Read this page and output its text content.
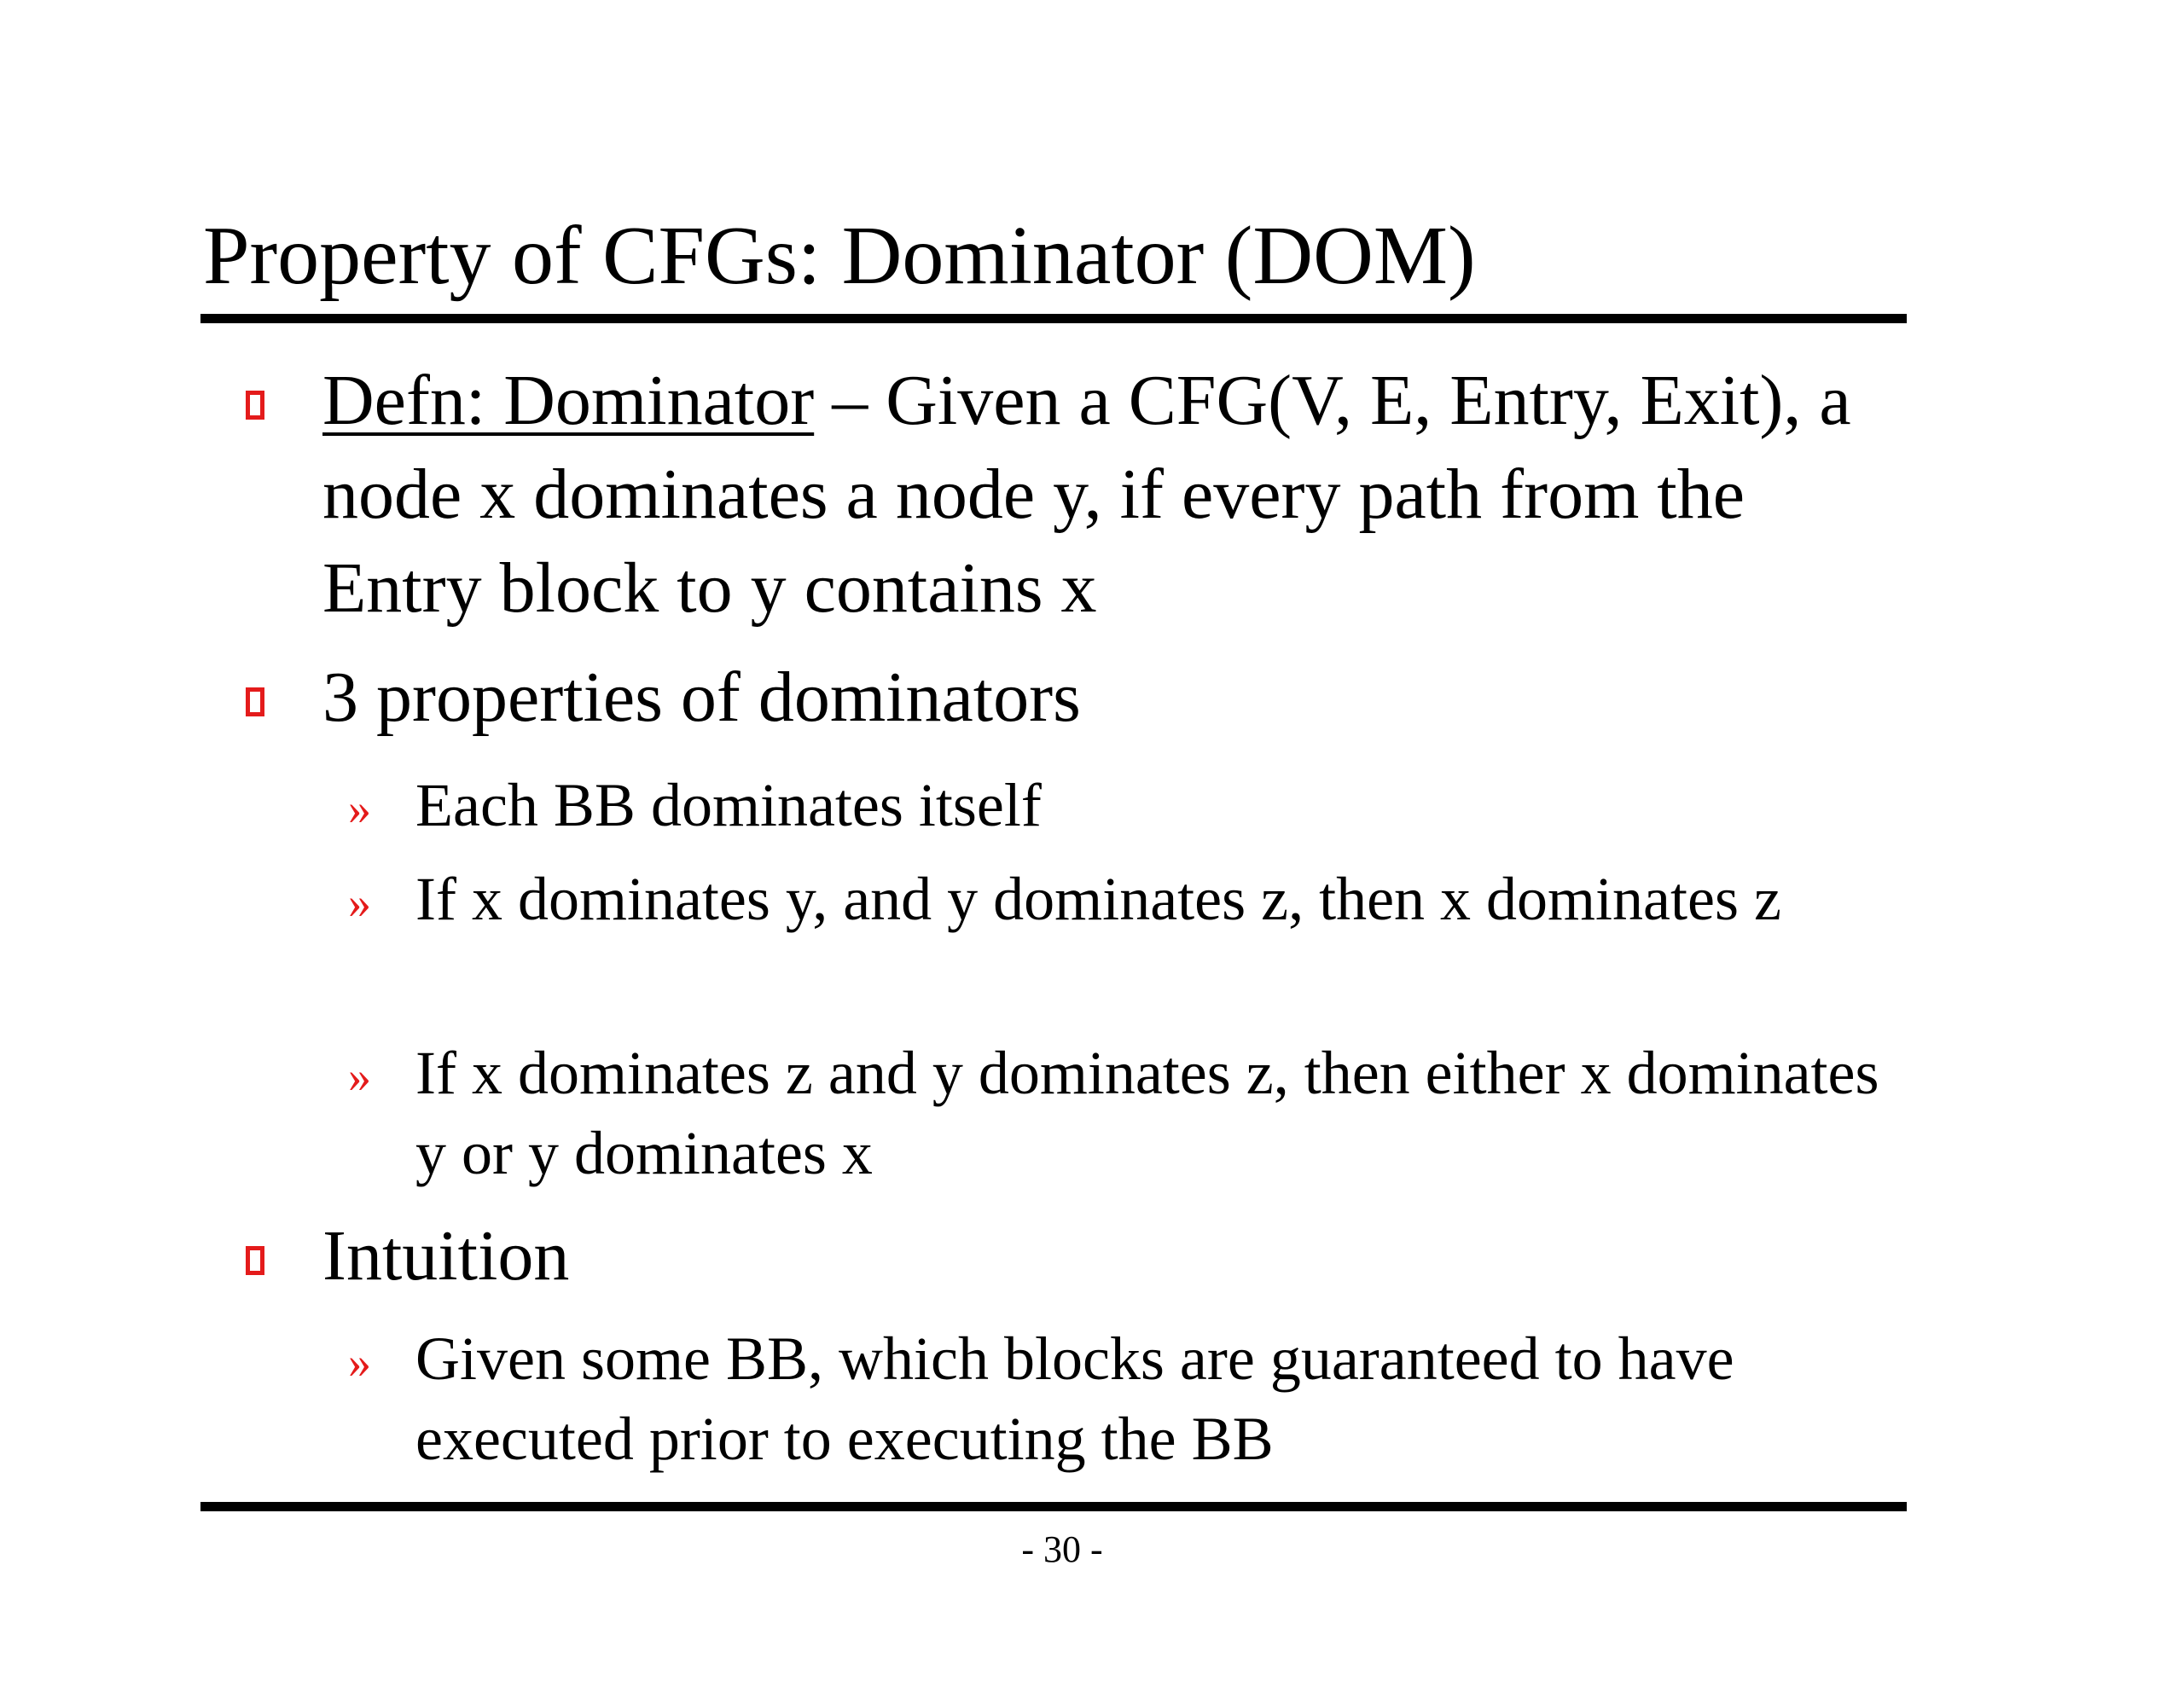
Property of CFGs: Dominator (DOM)
Defn: Dominator – Given a CFG(V, E, Entry, Exit), a node x dominates a node y, if every path from the Entry block to y contains x
3 properties of dominators
» Each BB dominates itself
» If x dominates y, and y dominates z, then x dominates z
» If x dominates z and y dominates z, then either x dominates y or y dominates x
Intuition
» Given some BB, which blocks are guaranteed to have executed prior to executing the BB
- 30 -
